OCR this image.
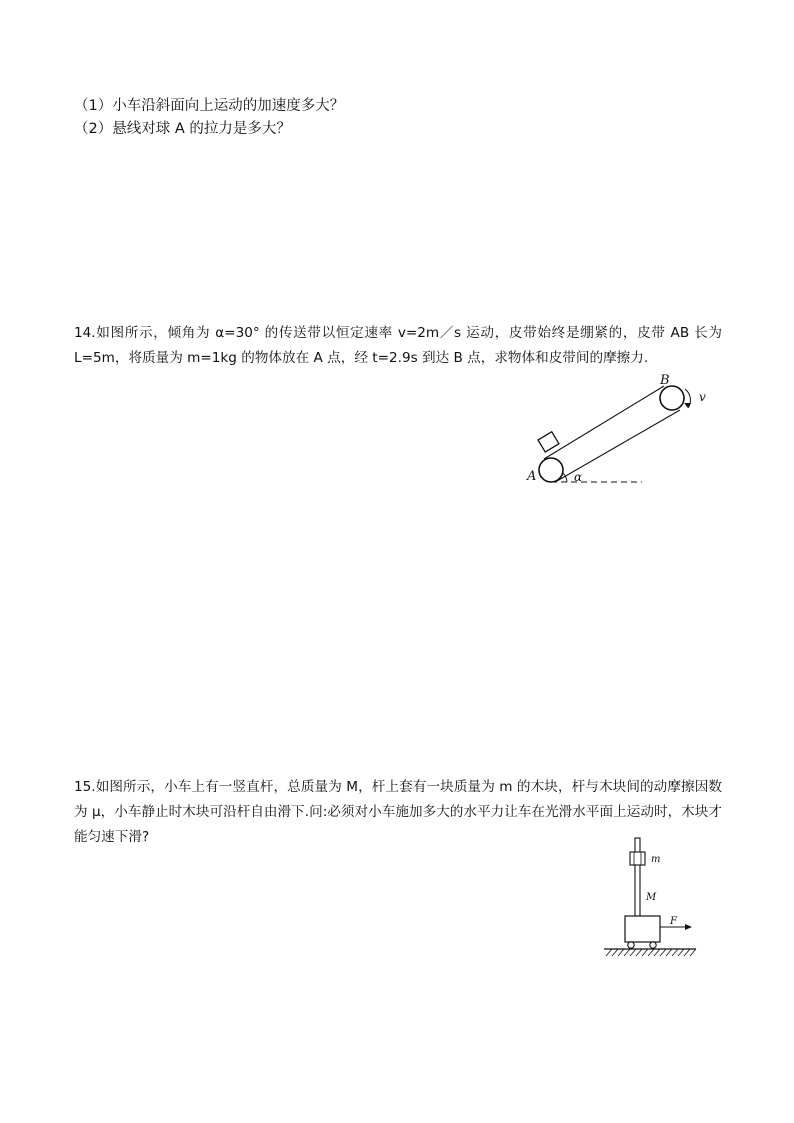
（1）小车沿斜面向上运动的加速度多大？
（2）悬线对球 A 的拉力是多大？
14.如图所示，倾角为 α=30° 的传送带以恒定速率 v=2m／s 运动，皮带始终是绷紧的，皮带 AB 长为 L=5m，将质量为 m=1kg 的物体放在 A 点，经 t=2.9s 到达 B 点，求物体和皮带间的摩擦力.
A
B
v
α
15.如图所示，小车上有一竖直杆，总质量为 M，杆上套有一块质量为 m 的木块，杆与木块间的动摩擦因数为 μ，小车静止时木块可沿杆自由滑下.问:必须对小车施加多大的水平力让车在光滑水平面上运动时，木块才能匀速下滑?
m
M
F
